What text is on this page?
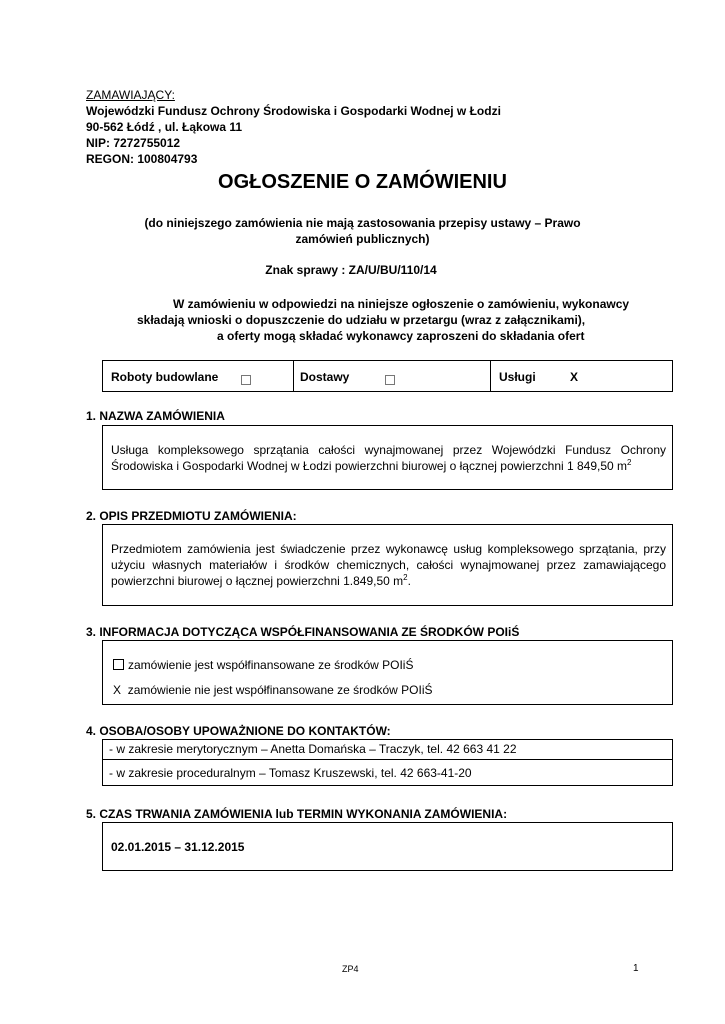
ZAMAWIAJĄCY:
Wojewódzki Fundusz Ochrony Środowiska i Gospodarki Wodnej w Łodzi
90-562 Łódź , ul. Łąkowa 11
NIP: 7272755012
REGON: 100804793
OGŁOSZENIE O ZAMÓWIENIU
(do niniejszego zamówienia nie mają zastosowania przepisy ustawy – Prawo
zamówień publicznych)
Znak sprawy : ZA/U/BU/110/14
W zamówieniu w odpowiedzi na niniejsze ogłoszenie o zamówieniu, wykonawcy
składają wnioski o dopuszczenie do udziału w przetargu (wraz z załącznikami),
a oferty mogą składać wykonawcy zaproszeni do składania ofert
Roboty budowlane	Dostawy	Usługi	X
1. NAZWA ZAMÓWIENIA
Usługa kompleksowego sprzątania całości wynajmowanej przez Wojewódzki Fundusz Ochrony
Środowiska i Gospodarki Wodnej w Łodzi powierzchni biurowej o łącznej powierzchni 1 849,50 $m^2$
2. OPIS PRZEDMIOTU ZAMÓWIENIA:
Przedmiotem zamówienia jest świadczenie przez wykonawcę usług kompleksowego sprzątania, przy
użyciu własnych materiałów i środków chemicznych, całości wynajmowanej przez zamawiającego
powierzchni biurowej o łącznej powierzchni 1.849,50 $m^2$.
3. INFORMACJA DOTYCZĄCA WSPÓŁFINANSOWANIA ZE ŚRODKÓW POIiŚ
zamówienie jest współfinansowane ze środków POIiŚ
X zamówienie nie jest współfinansowane ze środków POIiŚ
4. OSOBA/OSOBY UPOWAŻNIONE DO KONTAKTÓW:
- w zakresie merytorycznym – Anetta Domańska – Traczyk, tel. 42 663 41 22
- w zakresie proceduralnym – Tomasz Kruszewski, tel. 42 663-41-20
5. CZAS TRWANIA ZAMÓWIENIA lub TERMIN WYKONANIA ZAMÓWIENIA:
02.01.2015 – 31.12.2015
ZP4	1
